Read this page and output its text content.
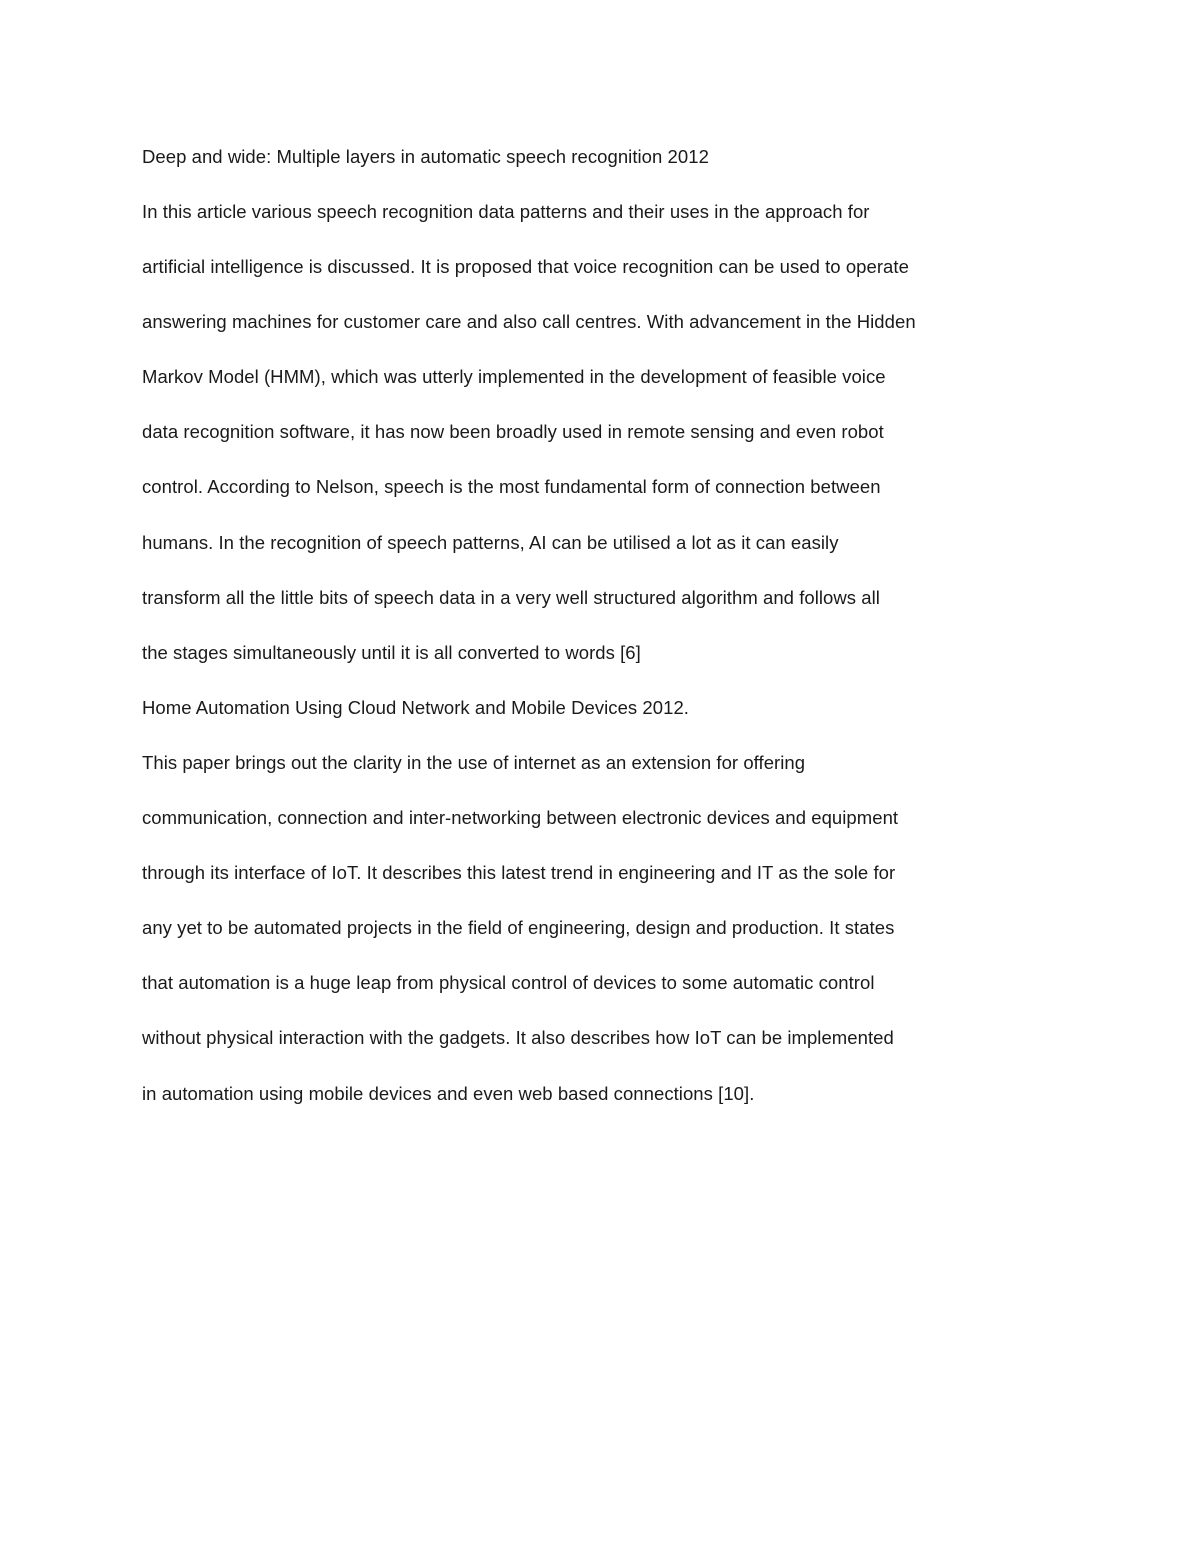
Deep and wide: Multiple layers in automatic speech recognition 2012

In this article various speech recognition data patterns and their uses in the approach for

artificial intelligence is discussed. It is proposed that voice recognition can be used to operate

answering machines for customer care and also call centres. With advancement in the Hidden

Markov Model (HMM), which was utterly implemented in the development of feasible voice

data recognition software, it has now been broadly used in remote sensing and even robot

control. According to Nelson, speech is the most fundamental form of connection between

humans. In the recognition of speech patterns, AI can be utilised a lot as it can easily

transform all the little bits of speech data in a very well structured algorithm and follows all

the stages simultaneously until it is all converted to words [6]

Home Automation Using Cloud Network and Mobile Devices 2012.

This paper brings out the clarity in the use of internet as an extension for offering

communication, connection and inter-networking between electronic devices and equipment

through its interface of IoT. It describes this latest trend in engineering and IT as the sole for

any yet to be automated projects in the field of engineering, design and production. It states

that automation is a huge leap from physical control of devices to some automatic control

without physical interaction with the gadgets. It also describes how IoT can be implemented

in automation using mobile devices and even web based connections [10].
